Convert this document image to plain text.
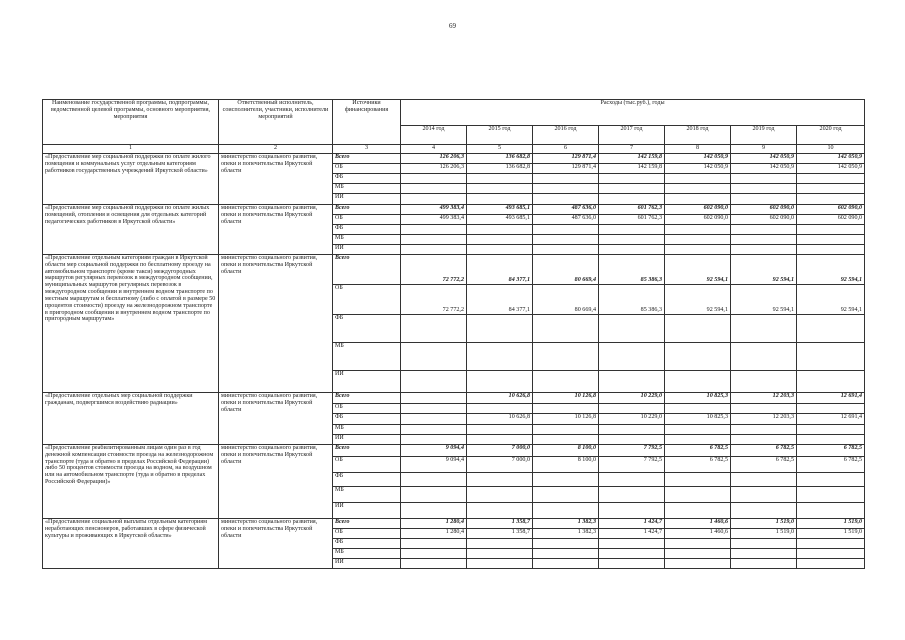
69
Наименование государственной программы, подпрограммы, ведомственной целевой программы, основного мероприятия, мероприятия	Ответственный исполнитель, соисполнители, участники, исполнители мероприятий	Источники финансирования	Расходы (тыс.руб.), годы						
			2014 год	2015 год	2016 год	2017 год	2018 год	2019 год	2020 год
1	2	3	4	5	6	7	8	9	10
«Предоставление мер социальной поддержки по оплате жилого помещения и коммунальных услуг отдельным категориям работников государственных учреждений Иркутской области»	министерство социального развития, опеки и попечительства Иркутской области	Всего	126 206,3	136 682,8	129 871,4	142 159,8	142 050,9	142 050,9	142 050,9
		ОБ	126 206,3	136 682,8	129 871,4	142 159,8	142 050,9	142 050,9	142 050,9
		ФБ							
		МБ							
		ИИ							
«Предоставление мер социальной поддержки по оплате жилых помещений, отопления и освещения для отдельных категорий педагогических работников в Иркутской области»	министерство социального развития, опеки и попечительства Иркутской области	Всего	499 383,4	493 685,1	487 636,0	601 762,3	602 090,0	602 090,0	602 090,0
		ОБ	499 383,4	493 685,1	487 636,0	601 762,3	602 090,0	602 090,0	602 090,0
		ФБ							
		МБ							
		ИИ							
«Предоставление отдельным категориям граждан в Иркутской области мер социальной поддержки по бесплатному проезду на автомобильном транспорте (кроме такси) междугородных маршрутов регулярных перевозок в междугородном сообщении, муниципальных маршрутов регулярных перевозок в междугородном сообщении и внутреннем водном транспорте по местным маршрутам и бесплатному (либо с оплатой в размере 50 процентов стоимости) проезду на железнодорожном транспорте в пригородном сообщении и внутреннем водном транспорте по пригородным маршрутам»	министерство социального развития, опеки и попечительства Иркутской области	Всего	72 772,2	84 377,1	80 669,4	85 386,3	92 594,1	92 594,1	92 594,1
		ОБ	72 772,2	84 377,1	80 669,4	85 386,3	92 594,1	92 594,1	92 594,1
		ФБ							
		МБ							
		ИИ							
«Предоставление отдельных мер социальной поддержки гражданам, подвергшимся воздействию радиации»	министерство социального развития, опеки и попечительства Иркутской области	Всего		10 626,8	10 126,8	10 229,0	10 825,3	12 203,3	12 691,4
		ОБ							
		ФБ		10 626,8	10 126,8	10 229,0	10 825,3	12 203,3	12 691,4
		МБ							
		ИИ							
«Предоставление реабилитированным лицам один раз в год денежной компенсации стоимости проезда на железнодорожном транспорте (туда и обратно в пределах Российской Федерации) либо 50 процентов стоимости проезда на водном, на воздушном или на автомобильном транспорте (туда и обратно в пределах Российской Федерации)»	министерство социального развития, опеки и попечительства Иркутской области	Всего	9 094,4	7 000,0	8 100,0	7 792,5	6 782,5	6 782,5	6 782,5
		ОБ	9 094,4	7 000,0	8 100,0	7 792,5	6 782,5	6 782,5	6 782,5
		ФБ							
		МБ							
		ИИ							
«Предоставление социальной выплаты отдельным категориям неработающих пенсионеров, работавших в сфере физической культуры и проживающих в Иркутской области»	министерство социального развития, опеки и попечительства Иркутской области	Всего	1 280,4	1 358,7	1 382,3	1 424,7	1 460,6	1 519,0	1 519,0
		ОБ	1 280,4	1 358,7	1 382,3	1 424,7	1 460,6	1 519,0	1 519,0
		ФБ							
		МБ							
		ИИ							
